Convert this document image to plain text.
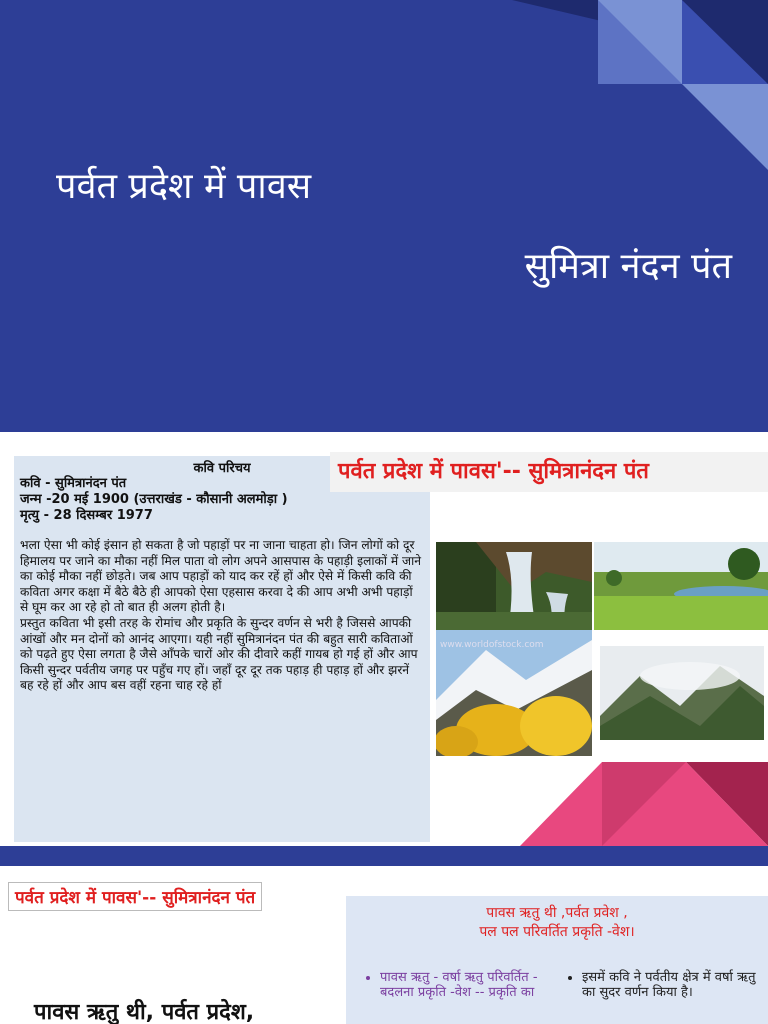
पर्वत प्रदेश में पावस
सुमित्रा नंदन पंत
कवि परिचय
कवि - सुमित्रानंदन पंत
जन्म -20 मई 1900 (उत्तराखंड - कौसानी अलमोड़ा )
मृत्यु - 28 दिसम्बर 1977
भला ऐसा भी कोई इंसान हो सकता है जो पहाड़ों पर ना जाना चाहता हो। जिन लोगों को दूर हिमालय पर जाने का मौका नहीं मिल पाता वो लोग अपने आसपास के पहाड़ी इलाकों में जाने का कोई मौका नहीं छोड़ते। जब आप पहाड़ों को याद कर रहें हों और ऐसे में किसी कवि की कविता अगर कक्षा में बैठे बैठे ही आपको ऐसा एहसास करवा दे की आप अभी अभी पहाड़ों से घूम कर आ रहे हो तो बात ही अलग होती है।
प्रस्तुत कविता भी इसी तरह के रोमांच और प्रकृति के सुन्दर वर्णन से भरी है जिससे आपकी आंखों और मन दोनों को आनंद आएगा। यही नहीं सुमित्रानंदन पंत की बहुत सारी कविताओं को पढ़ते हुए ऐसा लगता है जैसे आँपके चारों ओर की दीवारे कहीं गायब हो गई हों और आप किसी सुन्दर पर्वतीय जगह पर पहुँच गए हों। जहाँ दूर दूर तक पहाड़ ही पहाड़ हों और झरनें बह रहे हों और आप बस वहीं रहना चाह रहे हों
पर्वत प्रदेश में पावस'-- सुमित्रानंदन पंत
www.worldofstock.com
पर्वत प्रदेश में पावस'-- सुमित्रानंदन पंत
पावस ऋतु थी, पर्वत प्रदेश,
पावस ऋतु थी ,पर्वत प्रवेश ,
पल पल परिवर्तित प्रकृति -वेश।
• पावस ऋतु - वर्षा ऋतु परिवर्तित - बदलना प्रकृति -वेश -- प्रकृति का
• इसमें कवि ने पर्वतीय क्षेत्र में वर्षा ऋतु का सुदर वर्णन किया है।
